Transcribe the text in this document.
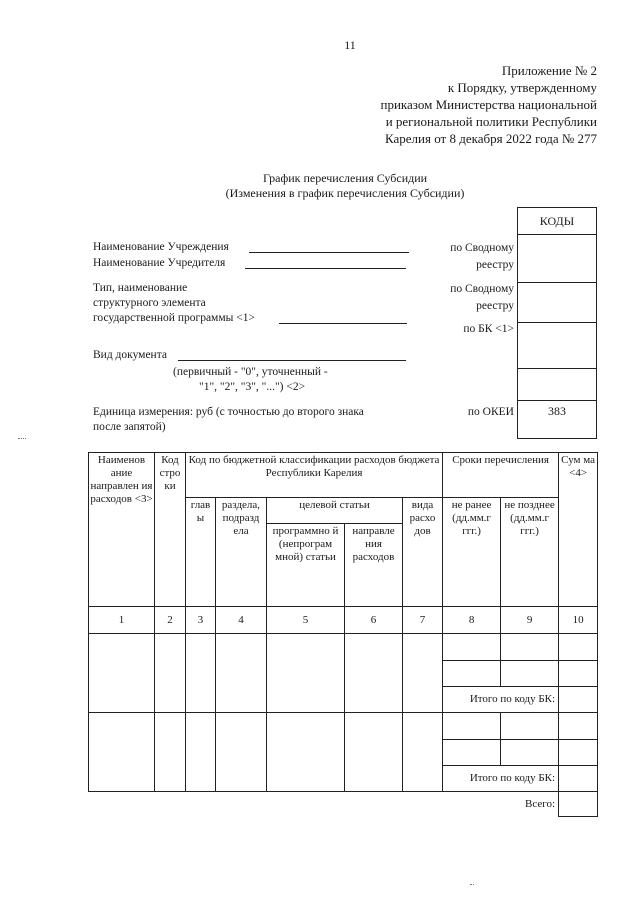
11
Приложение № 2
к Порядку, утвержденному
приказом Министерства национальной
и региональной политики Республики
Карелия от 8 декабря 2022 года № 277
График перечисления Субсидии
(Изменения в график перечисления Субсидии)
Наименование Учреждения
Наименование Учредителя
Тип, наименование
структурного элемента
государственной программы <1>
Вид документа
(первичный - "0", уточненный -
"1", "2", "3", "...") <2>
Единица измерения: руб (с точностью до второго знака
после запятой)
по Сводному
реестру
по Сводному
реестру
по БК <1>
по ОКЕИ
КОДЫ
383
Наименов ание направлен ия расходов <3>	Код стро ки	Код по бюджетной классификации расходов бюджета Республики Карелия					Сроки перечисления		Сум ма <4>
		глав ы	раздела, подразд ела	целевой статьи		вида расхо дов	не ранее (дд.мм.г ггг.)	не позднее (дд.мм.г ггг.)	
				программно й (непрограм мной) статьи	направле ния расходов				
1	2	3	4	5	6	7	8	9	10

							Итого по коду БК:		

							Итого по коду БК:		
							Всего:		
